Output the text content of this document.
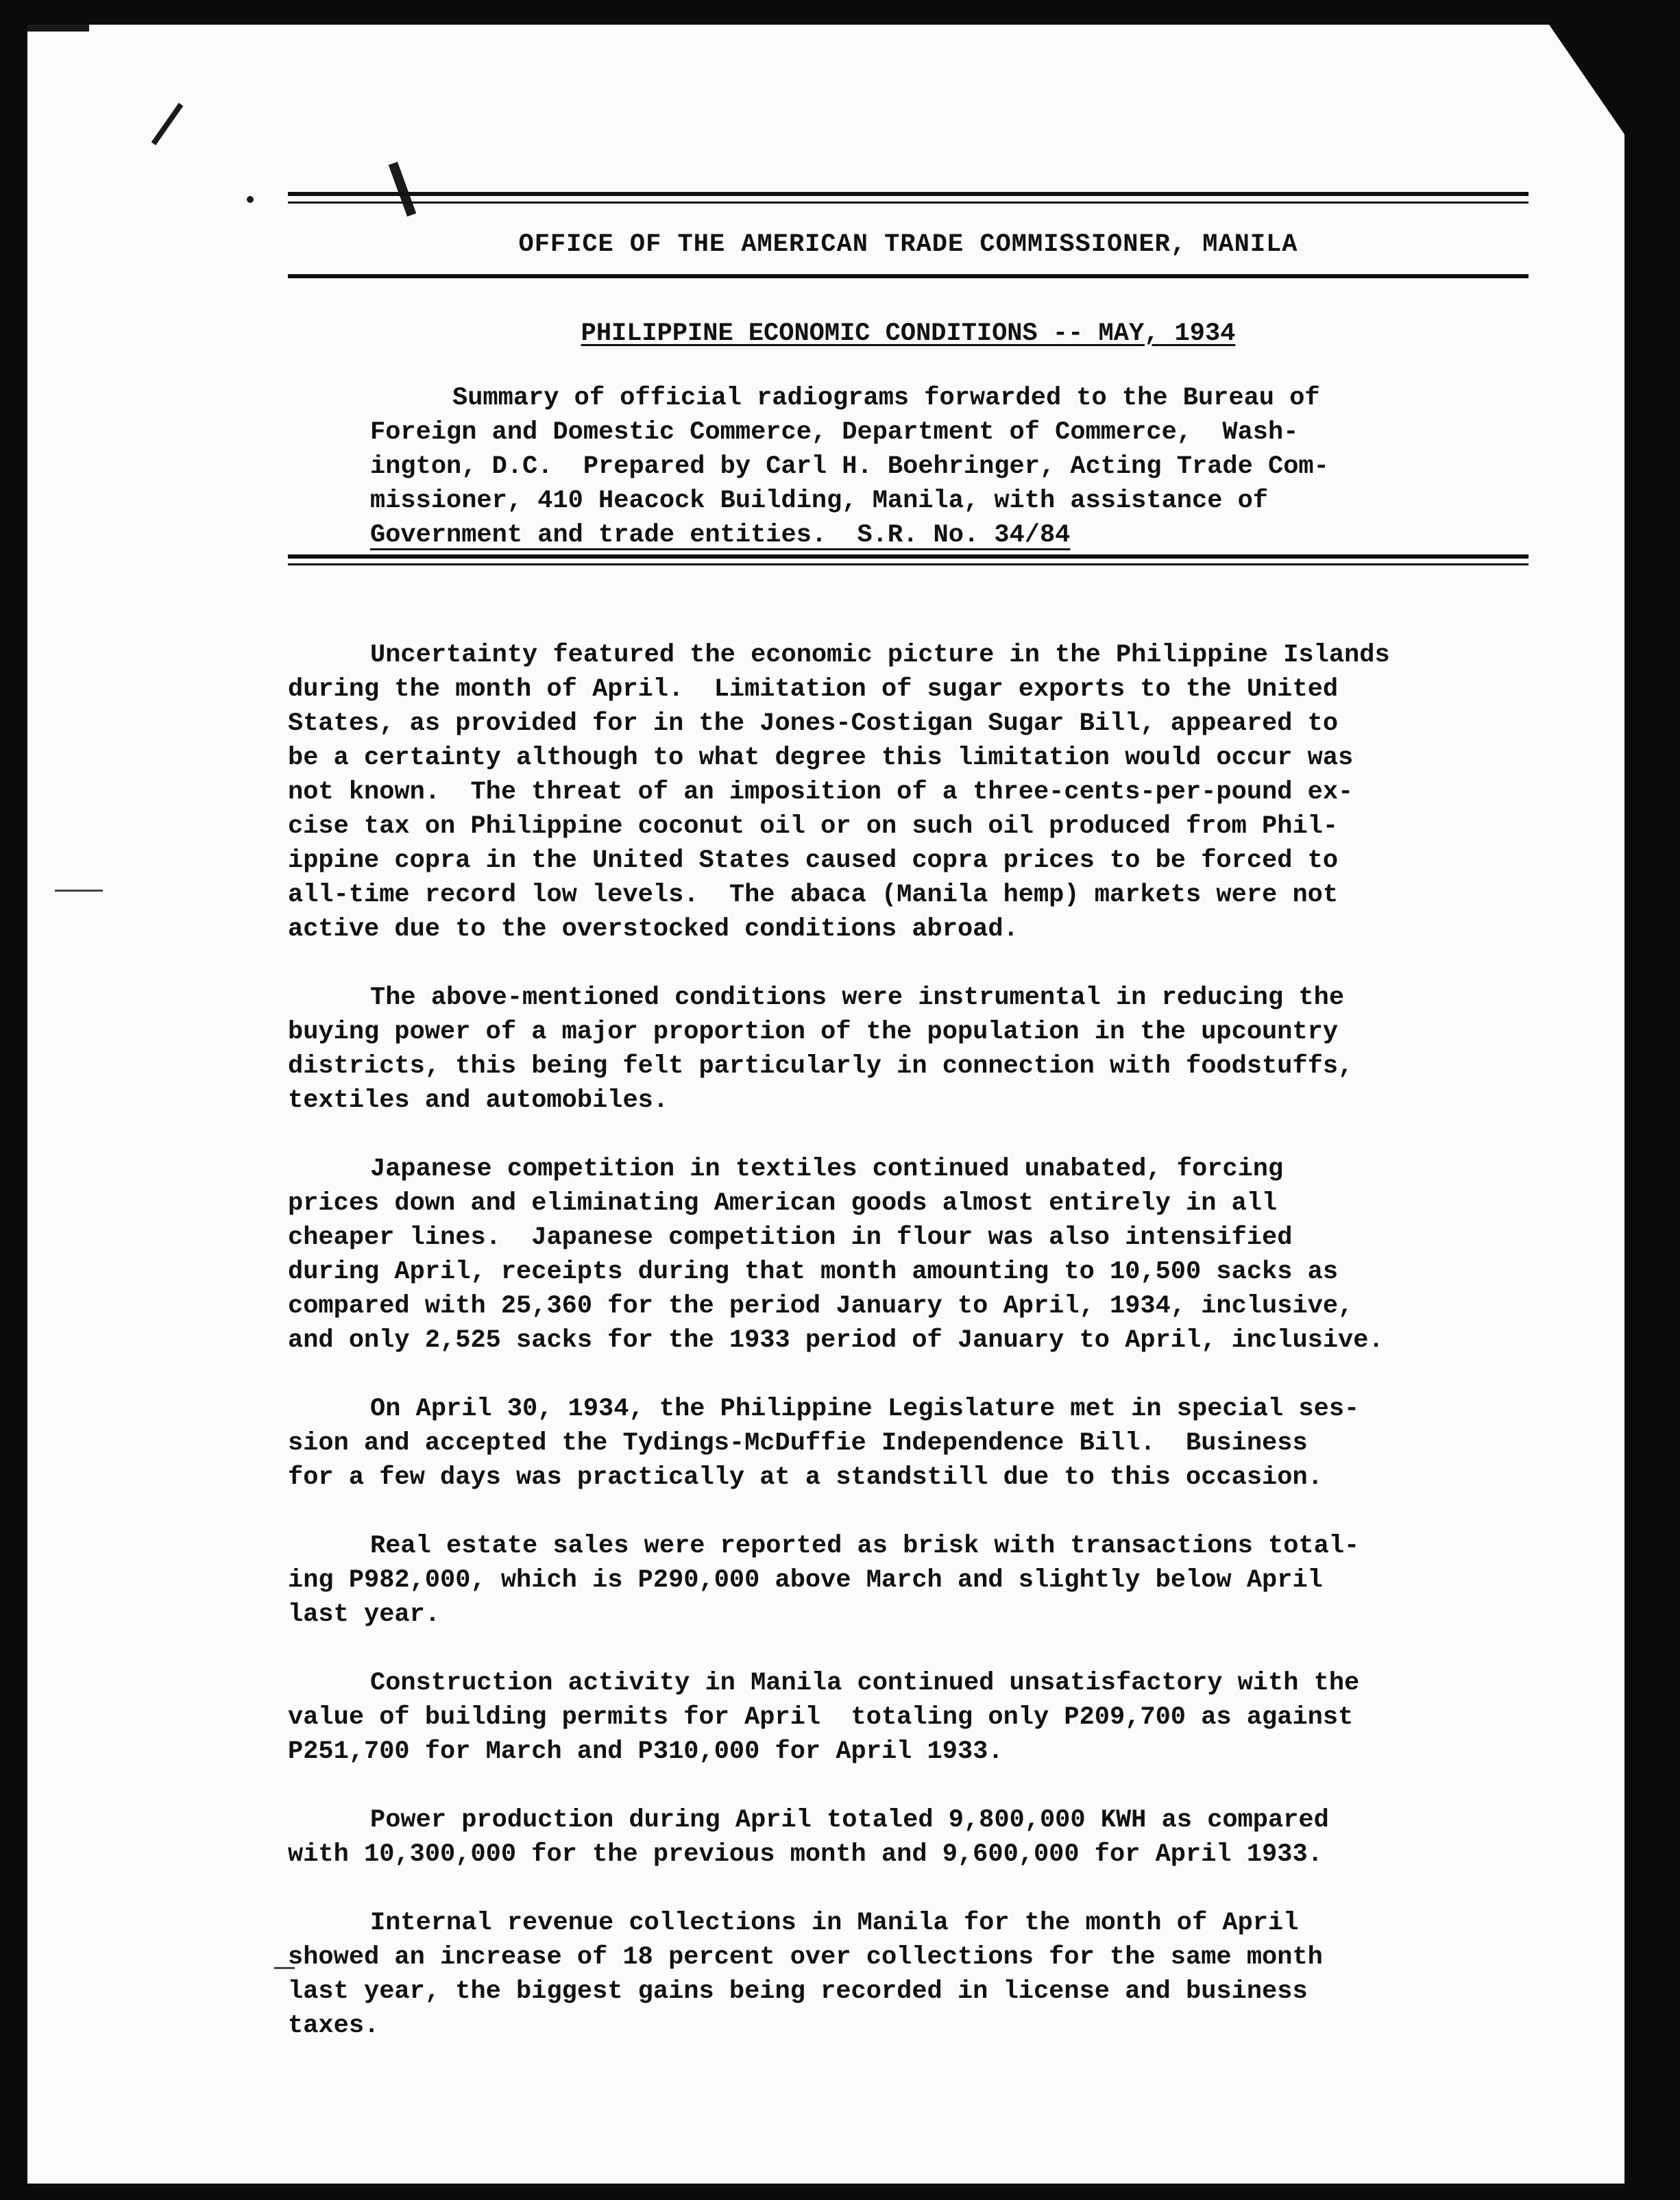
OFFICE OF THE AMERICAN TRADE COMMISSIONER, MANILA
PHILIPPINE ECONOMIC CONDITIONS -- MAY, 1934
Summary of official radiograms forwarded to the Bureau of
Foreign and Domestic Commerce, Department of Commerce,  Wash-
ington, D.C.  Prepared by Carl H. Boehringer, Acting Trade Com-
missioner, 410 Heacock Building, Manila, with assistance of
Government and trade entities.  S.R. No. 34/84
Uncertainty featured the economic picture in the Philippine Islands
during the month of April.  Limitation of sugar exports to the United
States, as provided for in the Jones-Costigan Sugar Bill, appeared to
be a certainty although to what degree this limitation would occur was
not known.  The threat of an imposition of a three-cents-per-pound ex-
cise tax on Philippine coconut oil or on such oil produced from Phil-
ippine copra in the United States caused copra prices to be forced to
all-time record low levels.  The abaca (Manila hemp) markets were not
active due to the overstocked conditions abroad.
The above-mentioned conditions were instrumental in reducing the
buying power of a major proportion of the population in the upcountry
districts, this being felt particularly in connection with foodstuffs,
textiles and automobiles.
Japanese competition in textiles continued unabated, forcing
prices down and eliminating American goods almost entirely in all
cheaper lines.  Japanese competition in flour was also intensified
during April, receipts during that month amounting to 10,500 sacks as
compared with 25,360 for the period January to April, 1934, inclusive,
and only 2,525 sacks for the 1933 period of January to April, inclusive.
On April 30, 1934, the Philippine Legislature met in special ses-
sion and accepted the Tydings-McDuffie Independence Bill.  Business
for a few days was practically at a standstill due to this occasion.
Real estate sales were reported as brisk with transactions total-
ing P982,000, which is P290,000 above March and slightly below April
last year.
Construction activity in Manila continued unsatisfactory with the
value of building permits for April  totaling only P209,700 as against
P251,700 for March and P310,000 for April 1933.
Power production during April totaled 9,800,000 KWH as compared
with 10,300,000 for the previous month and 9,600,000 for April 1933.
Internal revenue collections in Manila for the month of April
showed an increase of 18 percent over collections for the same month
last year, the biggest gains being recorded in license and business
taxes.
